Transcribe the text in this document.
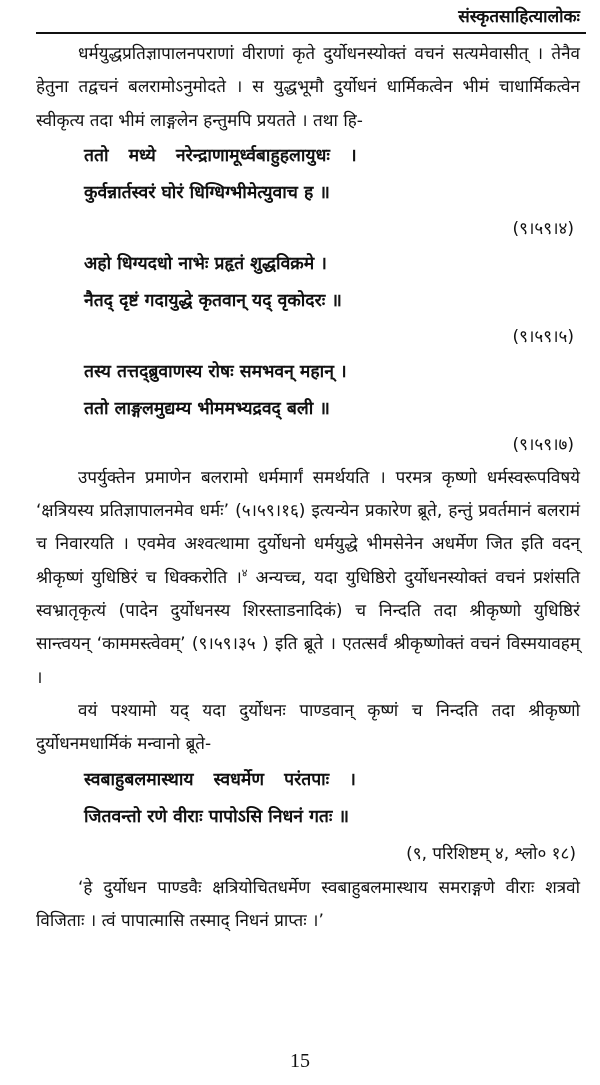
संस्कृतसाहित्यालोकः

धर्मयुद्धप्रतिज्ञापालनपराणां वीराणां कृते दुर्योधनस्योक्तं वचनं सत्यमेवासीत् । तेनैव हेतुना तद्वचनं बलरामोऽनुमोदते । स युद्धभूमौ दुर्योधनं धार्मिकत्वेन भीमं चाधार्मिकत्वेन स्वीकृत्य तदा भीमं लाङ्गलेन हन्तुमपि प्रयतते । तथा हि-

ततो मध्ये नरेन्द्राणामूर्ध्वबाहुहलायुधः ।

कुर्वन्नार्तस्वरं घोरं धिग्धिग्भीमेत्युवाच ह ॥

(९।५९।४)

अहो धिग्यदधो नाभेः प्रहृतं शुद्धविक्रमे ।

नैतद् दृष्टं गदायुद्धे कृतवान् यद् वृकोदरः ॥

(९।५९।५)

तस्य तत्तद्ब्रुवाणस्य रोषः समभवन् महान् ।

ततो लाङ्गलमुद्यम्य भीममभ्यद्रवद् बली ॥

(९।५९।७)

उपर्युक्तेन प्रमाणेन बलरामो धर्ममार्गं समर्थयति । परमत्र कृष्णो धर्मस्वरूपविषये ‘क्षत्रियस्य प्रतिज्ञापालनमेव धर्मः’ (५।५९।१६) इत्यन्येन प्रकारेण ब्रूते, हन्तुं प्रवर्तमानं बलरामं च निवारयति । एवमेव अश्वत्थामा दुर्योधनो धर्मयुद्धे भीमसेनेन अधर्मेण जित इति वदन् श्रीकृष्णं युधिष्ठिरं च धिक्करोति ।$^४$ अन्यच्च, यदा युधिष्ठिरो दुर्योधनस्योक्तं वचनं प्रशंसति स्वभ्रातृकृत्यं (पादेन दुर्योधनस्य शिरस्ताडनादिकं) च निन्दति तदा श्रीकृष्णो युधिष्ठिरं सान्त्वयन् ‘काममस्त्वेवम्’ (९।५९।३५ ) इति ब्रूते । एतत्सर्वं श्रीकृष्णोक्तं वचनं विस्मयावहम् ।

वयं पश्यामो यद् यदा दुर्योधनः पाण्डवान् कृष्णं च निन्दति तदा श्रीकृष्णो दुर्योधनमधार्मिकं मन्वानो ब्रूते-

स्वबाहुबलमास्थाय स्वधर्मेण परंतपाः ।

जितवन्तो रणे वीराः पापोऽसि निधनं गतः ॥

(९, परिशिष्टम् ४, श्लो० १८)

‘हे दुर्योधन पाण्डवैः क्षत्रियोचितधर्मेण स्वबाहुबलमास्थाय समराङ्गणे वीराः शत्रवो विजिताः । त्वं पापात्मासि तस्माद् निधनं प्राप्तः ।’

15
